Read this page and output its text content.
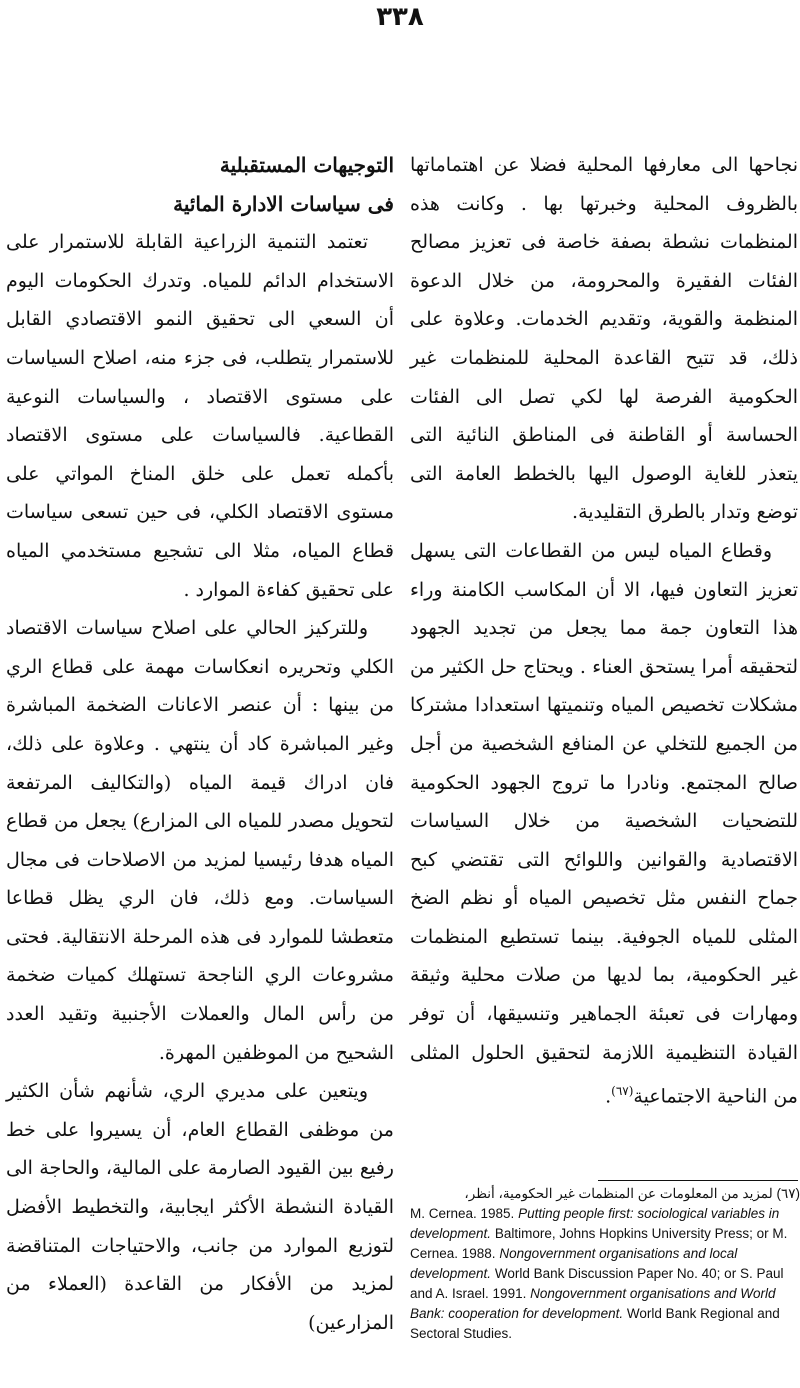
٣٣٨

نجاحها الى معارفها المحلية فضلا عن اهتماماتها بالظروف المحلية وخبرتها بها . وكانت هذه المنظمات نشطة بصفة خاصة فى تعزيز مصالح الفئات الفقيرة والمحرومة، من خلال الدعوة المنظمة والقوية، وتقديم الخدمات. وعلاوة على ذلك، قد تتيح القاعدة المحلية للمنظمات غير الحكومية الفرصة لها لكي تصل الى الفئات الحساسة أو القاطنة فى المناطق النائية التى يتعذر للغاية الوصول اليها بالخطط العامة التى توضع وتدار بالطرق التقليدية.

وقطاع المياه ليس من القطاعات التى يسهل تعزيز التعاون فيها، الا أن المكاسب الكامنة وراء هذا التعاون جمة مما يجعل من تجديد الجهود لتحقيقه أمرا يستحق العناء . ويحتاج حل الكثير من مشكلات تخصيص المياه وتنميتها استعدادا مشتركا من الجميع للتخلي عن المنافع الشخصية من أجل صالح المجتمع. ونادرا ما تروج الجهود الحكومية للتضحيات الشخصية من خلال السياسات الاقتصادية والقوانين واللوائح التى تقتضي كبح جماح النفس مثل تخصيص المياه أو نظم الضخ المثلى للمياه الجوفية. بينما تستطيع المنظمات غير الحكومية، بما لديها من صلات محلية وثيقة ومهارات فى تعبئة الجماهير وتنسيقها، أن توفر القيادة التنظيمية اللازمة لتحقيق الحلول المثلى من الناحية الاجتماعية$^{(٦٧)}$.

التوجيهات المستقبلية

فى سياسات الادارة المائية

تعتمد التنمية الزراعية القابلة للاستمرار على الاستخدام الدائم للمياه. وتدرك الحكومات اليوم أن السعي الى تحقيق النمو الاقتصادي القابل للاستمرار يتطلب، فى جزء منه، اصلاح السياسات على مستوى الاقتصاد ، والسياسات النوعية القطاعية. فالسياسات على مستوى الاقتصاد بأكمله تعمل على خلق المناخ المواتي على مستوى الاقتصاد الكلي، فى حين تسعى سياسات قطاع المياه، مثلا الى تشجيع مستخدمي المياه على تحقيق كفاءة الموارد .

وللتركيز الحالي على اصلاح سياسات الاقتصاد الكلي وتحريره انعكاسات مهمة على قطاع الري من بينها : أن عنصر الاعانات الضخمة المباشرة وغير المباشرة كاد أن ينتهي . وعلاوة على ذلك، فان ادراك قيمة المياه (والتكاليف المرتفعة لتحويل مصدر للمياه الى المزارع) يجعل من قطاع المياه هدفا رئيسيا لمزيد من الاصلاحات فى مجال السياسات. ومع ذلك، فان الري يظل قطاعا متعطشا للموارد فى هذه المرحلة الانتقالية. فحتى مشروعات الري الناجحة تستهلك كميات ضخمة من رأس المال والعملات الأجنبية وتقيد العدد الشحيح من الموظفين المهرة.

ويتعين على مديري الري، شأنهم شأن الكثير من موظفى القطاع العام، أن يسيروا على خط رفيع بين القيود الصارمة على المالية، والحاجة الى القيادة النشطة الأكثر ايجابية، والتخطيط الأفضل لتوزيع الموارد من جانب، والاحتياجات المتناقضة لمزيد من الأفكار من القاعدة (العملاء من المزارعين)

(٦٧) لمزيد من المعلومات عن المنظمات غير الحكومية، أنظر،
M. Cernea. 1985. Putting people first: sociological variables in development. Baltimore, Johns Hopkins University Press; or M. Cernea. 1988. Nongovernment organisations and local development. World Bank Discussion Paper No. 40; or S. Paul and A. Israel. 1991. Nongovernment organisations and World Bank: cooperation for development. World Bank Regional and Sectoral Studies.
